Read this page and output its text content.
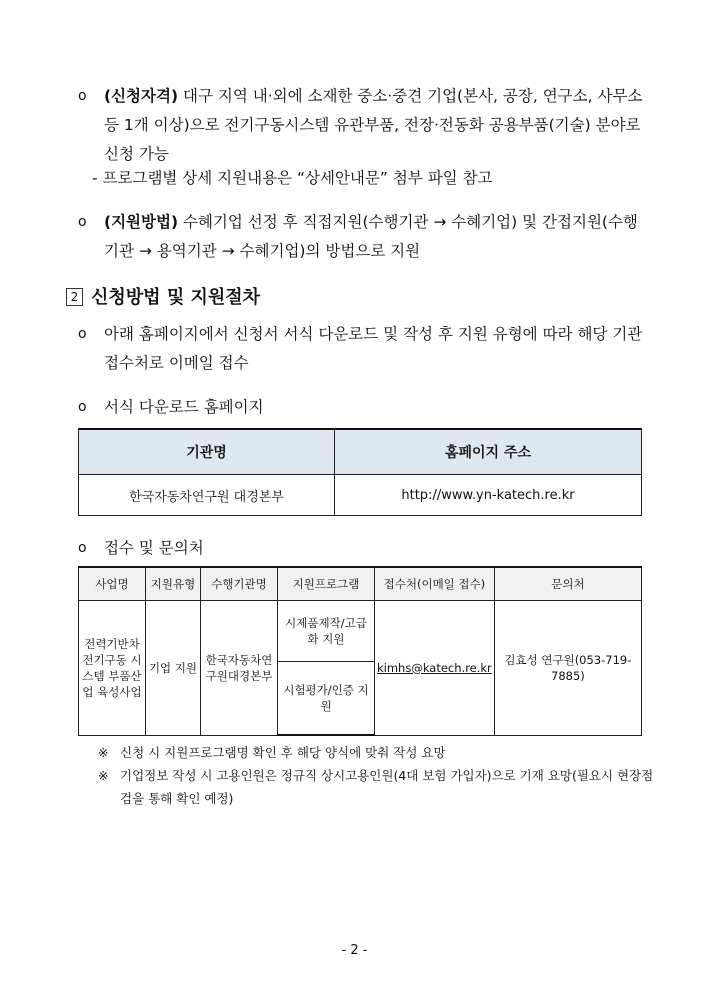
o (신청자격) 대구 지역 내·외에 소재한 중소·중견 기업(본사, 공장, 연구소, 사무소 등 1개 이상)으로 전기구동시스템 유관부품, 전장·전동화 공용부품(기술) 분야로 신청 가능
- 프로그램별 상세 지원내용은 “상세안내문” 첨부 파일 참고
o (지원방법) 수혜기업 선정 후 직접지원(수행기관 → 수혜기업) 및 간접지원(수행기관 → 용역기관 → 수혜기업)의 방법으로 지원
2 신청방법 및 지원절차
o 아래 홈페이지에서 신청서 서식 다운로드 및 작성 후 지원 유형에 따라 해당 기관 접수처로 이메일 접수
o 서식 다운로드 홈페이지
기관명	홈페이지 주소
한국자동차연구원 대경본부	http://www.yn-katech.re.kr
o 접수 및 문의처
사업명	지원유형	수행기관명	지원프로그램	접수처(이메일 접수)	문의처
전력기반차 전기구동 시스템 부품산업 육성사업	기업 지원	한국자동차연구원대경본부	시제품제작/고급화 지원	kimhs@katech.re.kr	김효성 연구원(053-719-7885)
			시험평가/인증 지원		
※ 신청 시 지원프로그램명 확인 후 해당 양식에 맞춰 작성 요망
※ 기업정보 작성 시 고용인원은 정규직 상시고용인원(4대 보험 가입자)으로 기재 요망(필요시 현장점검을 통해 확인 예정)
- 2 -
